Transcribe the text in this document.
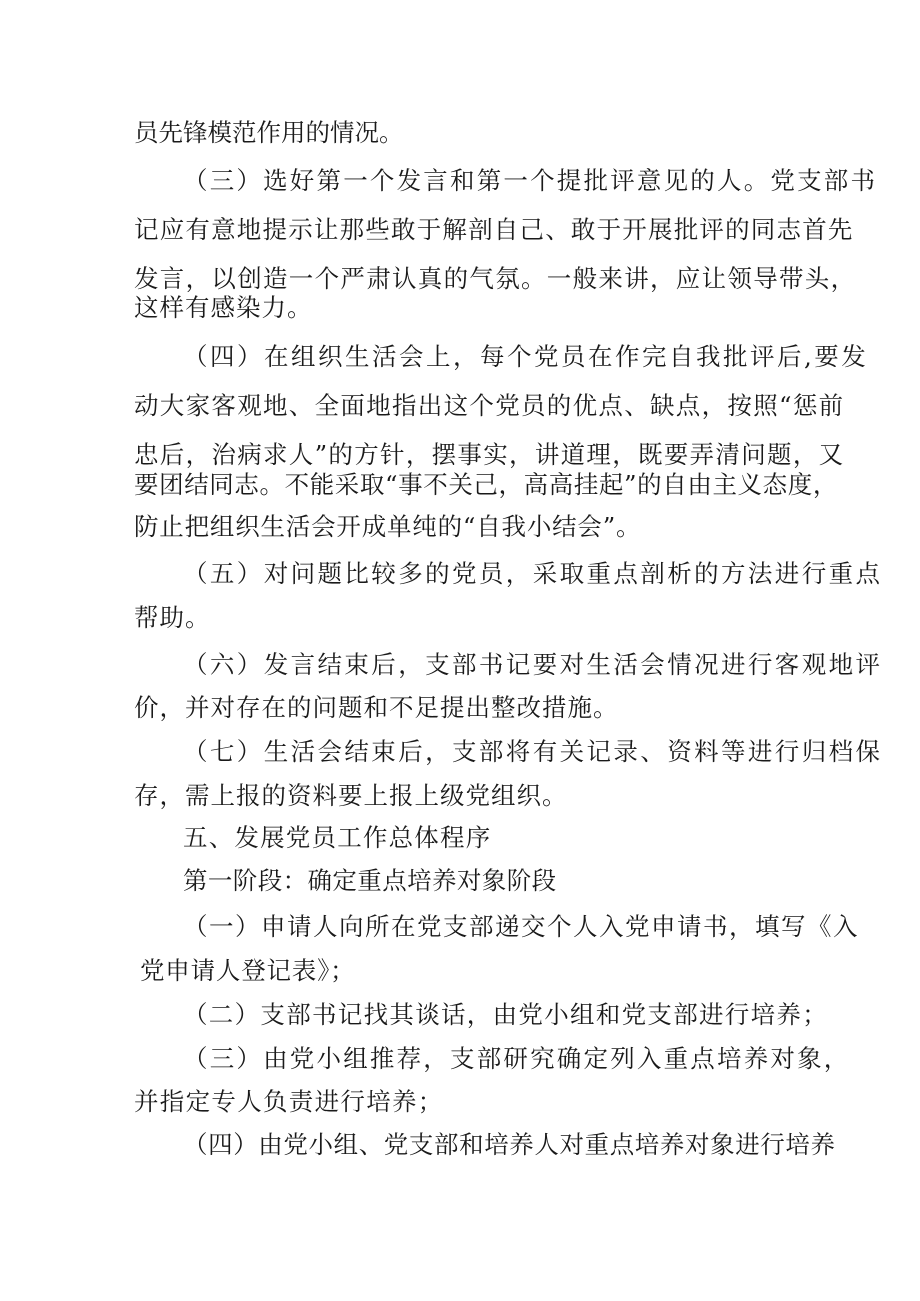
员先锋模范作用的情况。
（三）选好第一个发言和第一个提批评意见的人。党支部书
记应有意地提示让那些敢于解剖自己、敢于开展批评的同志首先
发言，以创造一个严肃认真的气氛。一般来讲，应让领导带头，
这样有感染力。
（四）在组织生活会上，每个党员在作完自我批评后,要发
动大家客观地、全面地指出这个党员的优点、缺点，按照“惩前
忠后，治病求人”的方针，摆事实，讲道理，既要弄清问题，又
要团结同志。不能采取“事不关己，高高挂起”的自由主义态度，
防止把组织生活会开成单纯的“自我小结会”。
（五）对问题比较多的党员，采取重点剖析的方法进行重点
帮助。
（六）发言结束后，支部书记要对生活会情况进行客观地评
价，并对存在的问题和不足提出整改措施。
（七）生活会结束后，支部将有关记录、资料等进行归档保
存，需上报的资料要上报上级党组织。
五、发展党员工作总体程序
第一阶段：确定重点培养对象阶段
（一）申请人向所在党支部递交个人入党申请书，填写《入
党申请人登记表》；
（二）支部书记找其谈话，由党小组和党支部进行培养；
（三）由党小组推荐，支部研究确定列入重点培养对象，
并指定专人负责进行培养；
（四）由党小组、党支部和培养人对重点培养对象进行培养
